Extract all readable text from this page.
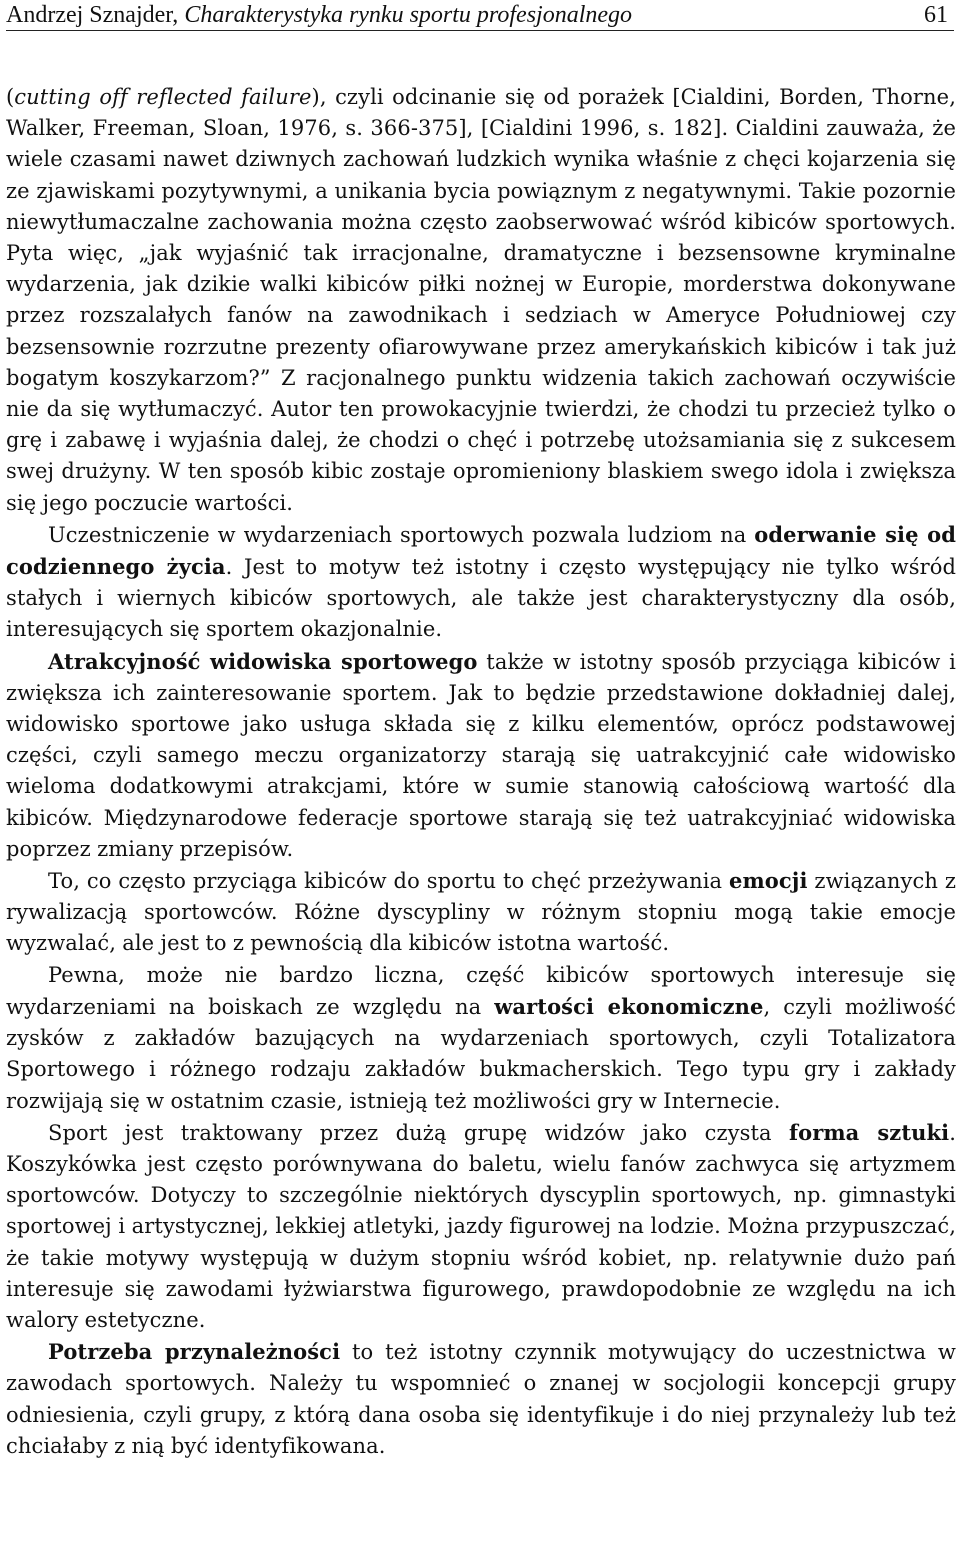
Andrzej Sznajder, Charakterystyka rynku sportu profesjonalnego	61

(cutting off reflected failure), czyli odcinanie się od porażek [Cialdini, Borden, Thorne, Walker, Freeman, Sloan, 1976, s. 366-375], [Cialdini 1996, s. 182]. Cialdini zauważa, że wiele czasami nawet dziwnych zachowań ludzkich wynika właśnie z chęci kojarzenia się ze zjawiskami pozytywnymi, a unikania bycia powiąznym z negatywnymi. Takie pozornie niewytłumaczalne zachowania można często zaobserwować wśród kibiców sportowych. Pyta więc, „jak wyjaśnić tak irracjonalne, dramatyczne i bezsensowne kryminalne wydarzenia, jak dzikie walki kibiców piłki nożnej w Europie, morderstwa dokonywane przez rozszalałych fanów na zawodnikach i sedziach w Ameryce Południowej czy bezsensownie rozrzutne prezenty ofiarowywane przez amerykańskich kibiców i tak już bogatym koszykarzom?” Z racjonalnego punktu widzenia takich zachowań oczywiście nie da się wytłumaczyć. Autor ten prowokacyjnie twierdzi, że chodzi tu przecież tylko o grę i zabawę i wyjaśnia dalej, że chodzi o chęć i potrzebę utożsamiania się z sukcesem swej drużyny. W ten sposób kibic zostaje opromieniony blaskiem swego idola i zwiększa się jego poczucie wartości.

Uczestniczenie w wydarzeniach sportowych pozwala ludziom na oderwanie się od codziennego życia. Jest to motyw też istotny i często występujący nie tylko wśród stałych i wiernych kibiców sportowych, ale także jest charakterystyczny dla osób, interesujących się sportem okazjonalnie.

Atrakcyjność widowiska sportowego także w istotny sposób przyciąga kibiców i zwiększa ich zainteresowanie sportem. Jak to będzie przedstawione dokładniej dalej, widowisko sportowe jako usługa składa się z kilku elementów, oprócz podstawowej części, czyli samego meczu organizatorzy starają się uatrakcyjnić całe widowisko wieloma dodatkowymi atrakcjami, które w sumie stanowią całościową wartość dla kibiców. Międzynarodowe federacje sportowe starają się też uatrakcyjniać widowiska poprzez zmiany przepisów.

To, co często przyciąga kibiców do sportu to chęć przeżywania emocji związanych z rywalizacją sportowców. Różne dyscypliny w różnym stopniu mogą takie emocje wyzwalać, ale jest to z pewnością dla kibiców istotna wartość.

Pewna, może nie bardzo liczna, część kibiców sportowych interesuje się wydarzeniami na boiskach ze względu na wartości ekonomiczne, czyli możliwość zysków z zakładów bazujących na wydarzeniach sportowych, czyli Totalizatora Sportowego i różnego rodzaju zakładów bukmacherskich. Tego typu gry i zakłady rozwijają się w ostatnim czasie, istnieją też możliwości gry w Internecie.

Sport jest traktowany przez dużą grupę widzów jako czysta forma sztuki. Koszykówka jest często porównywana do baletu, wielu fanów zachwyca się artyzmem sportowców. Dotyczy to szczególnie niektórych dyscyplin sportowych, np. gimnastyki sportowej i artystycznej, lekkiej atletyki, jazdy figurowej na lodzie. Można przypuszczać, że takie motywy występują w dużym stopniu wśród kobiet, np. relatywnie dużo pań interesuje się zawodami łyżwiarstwa figurowego, prawdopodobnie ze względu na ich walory estetyczne.

Potrzeba przynależności to też istotny czynnik motywujący do uczestnictwa w zawodach sportowych. Należy tu wspomnieć o znanej w socjologii koncepcji grupy odniesienia, czyli grupy, z którą dana osoba się identyfikuje i do niej przynależy lub też chciałaby z nią być identyfikowana.
